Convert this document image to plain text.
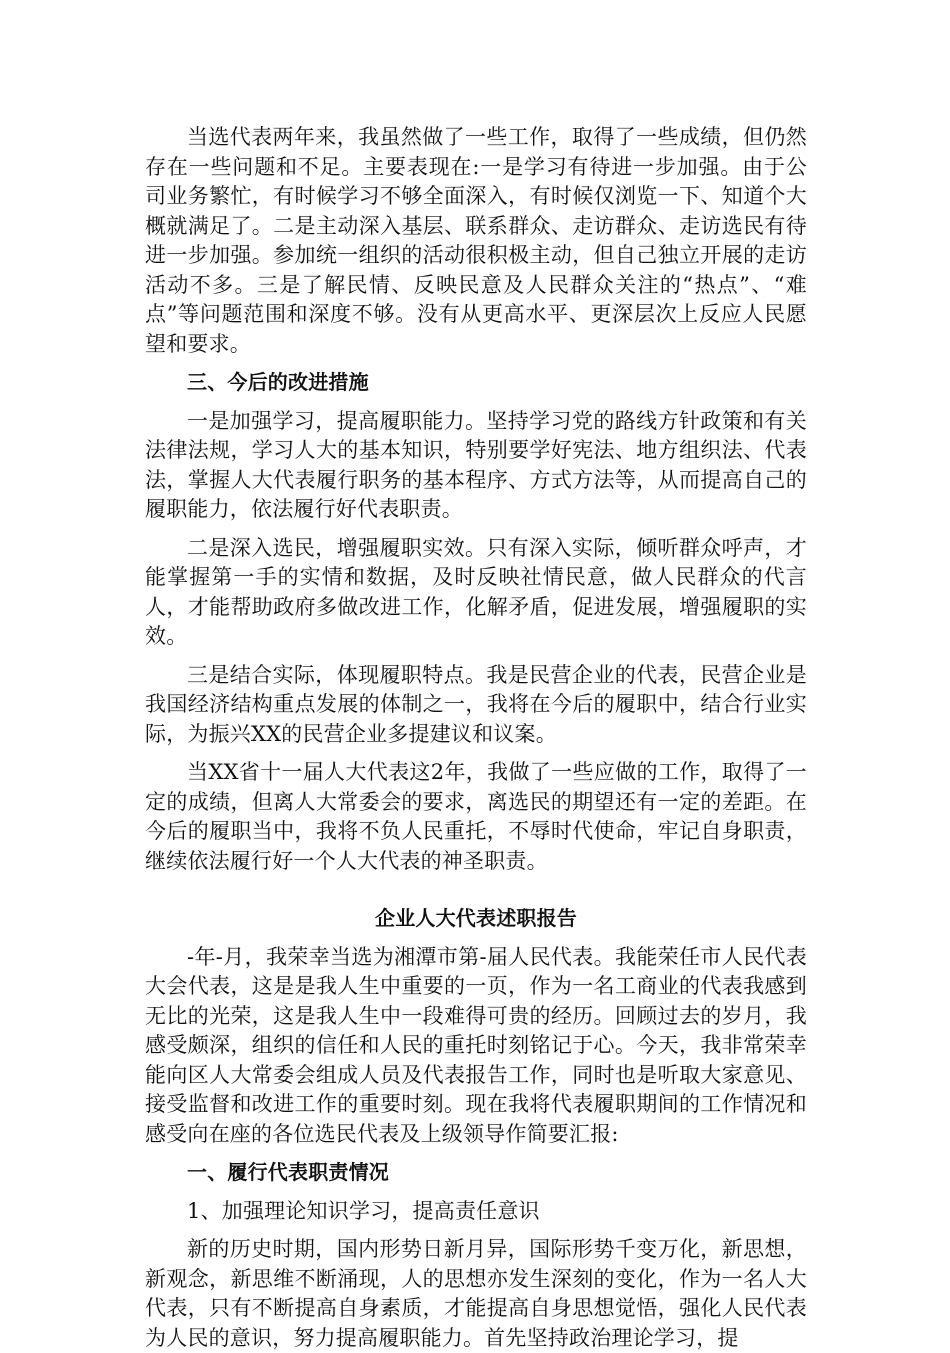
当选代表两年来，我虽然做了一些工作，取得了一些成绩，但仍然存在一些问题和不足。主要表现在:一是学习有待进一步加强。由于公司业务繁忙，有时候学习不够全面深入，有时候仅浏览一下、知道个大概就满足了。二是主动深入基层、联系群众、走访群众、走访选民有待进一步加强。参加统一组织的活动很积极主动，但自己独立开展的走访活动不多。三是了解民情、反映民意及人民群众关注的“热点”、“难点”等问题范围和深度不够。没有从更高水平、更深层次上反应人民愿望和要求。

三、今后的改进措施

一是加强学习，提高履职能力。坚持学习党的路线方针政策和有关法律法规，学习人大的基本知识，特别要学好宪法、地方组织法、代表法，掌握人大代表履行职务的基本程序、方式方法等，从而提高自己的履职能力，依法履行好代表职责。

二是深入选民，增强履职实效。只有深入实际，倾听群众呼声，才能掌握第一手的实情和数据，及时反映社情民意，做人民群众的代言人，才能帮助政府多做改进工作，化解矛盾，促进发展，增强履职的实效。

三是结合实际，体现履职特点。我是民营企业的代表，民营企业是我国经济结构重点发展的体制之一，我将在今后的履职中，结合行业实际，为振兴XX的民营企业多提建议和议案。

当XX省十一届人大代表这2年，我做了一些应做的工作，取得了一定的成绩，但离人大常委会的要求，离选民的期望还有一定的差距。在今后的履职当中，我将不负人民重托，不辱时代使命，牢记自身职责，继续依法履行好一个人大代表的神圣职责。

企业人大代表述职报告

-年-月，我荣幸当选为湘潭市第-届人民代表。我能荣任市人民代表大会代表，这是是我人生中重要的一页，作为一名工商业的代表我感到无比的光荣，这是我人生中一段难得可贵的经历。回顾过去的岁月，我感受颇深，组织的信任和人民的重托时刻铭记于心。今天，我非常荣幸能向区人大常委会组成人员及代表报告工作，同时也是听取大家意见、接受监督和改进工作的重要时刻。现在我将代表履职期间的工作情况和感受向在座的各位选民代表及上级领导作简要汇报:

一、履行代表职责情况

1、加强理论知识学习，提高责任意识

新的历史时期，国内形势日新月异，国际形势千变万化，新思想，新观念，新思维不断涌现，人的思想亦发生深刻的变化，作为一名人大代表，只有不断提高自身素质，才能提高自身思想觉悟，强化人民代表为人民的意识，努力提高履职能力。首先坚持政治理论学习，提
